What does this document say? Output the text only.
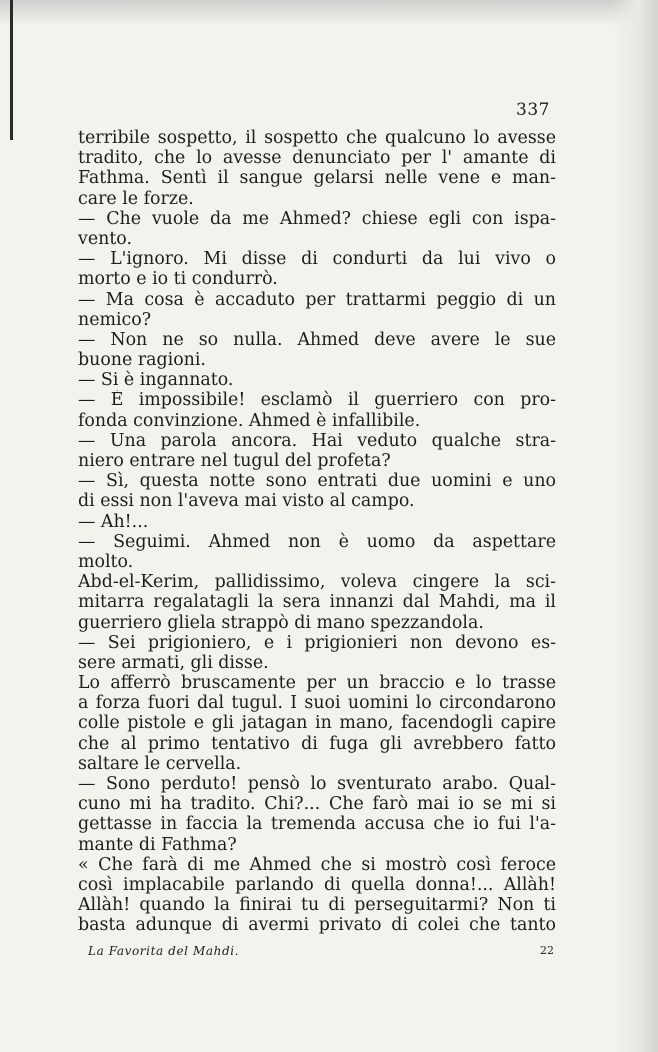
337
terribile sospetto, il sospetto che qualcuno lo avesse
tradito, che lo avesse denunciato per l' amante di
Fathma. Sentì il sangue gelarsi nelle vene e man-
care le forze.
— Che vuole da me Ahmed? chiese egli con ispa-
vento.
— L'ignoro. Mi disse di condurti da lui vivo o
morto e io ti condurrò.
— Ma cosa è accaduto per trattarmi peggio di un
nemico?
— Non ne so nulla. Ahmed deve avere le sue
buone ragioni.
— Si è ingannato.
— È impossibile! esclamò il guerriero con pro-
fonda convinzione. Ahmed è infallibile.
— Una parola ancora. Hai veduto qualche stra-
niero entrare nel tugul del profeta?
— Sì, questa notte sono entrati due uomini e uno
di essi non l'aveva mai visto al campo.
— Ah!...
— Seguimi. Ahmed non è uomo da aspettare
molto.
Abd-el-Kerim, pallidissimo, voleva cingere la sci-
mitarra regalatagli la sera innanzi dal Mahdi, ma il
guerriero gliela strappò di mano spezzandola.
— Sei prigioniero, e i prigionieri non devono es-
sere armati, gli disse.
Lo afferrò bruscamente per un braccio e lo trasse
a forza fuori dal tugul. I suoi uomini lo circondarono
colle pistole e gli jatagan in mano, facendogli capire
che al primo tentativo di fuga gli avrebbero fatto
saltare le cervella.
— Sono perduto! pensò lo sventurato arabo. Qual-
cuno mi ha tradito. Chi?... Che farò mai io se mi si
gettasse in faccia la tremenda accusa che io fui l'a-
mante di Fathma?
« Che farà di me Ahmed che si mostrò così feroce
così implacabile parlando di quella donna!... Allàh!
Allàh! quando la finirai tu di perseguitarmi? Non ti
basta adunque di avermi privato di colei che tanto
La Favorita del Mahdi.	22
